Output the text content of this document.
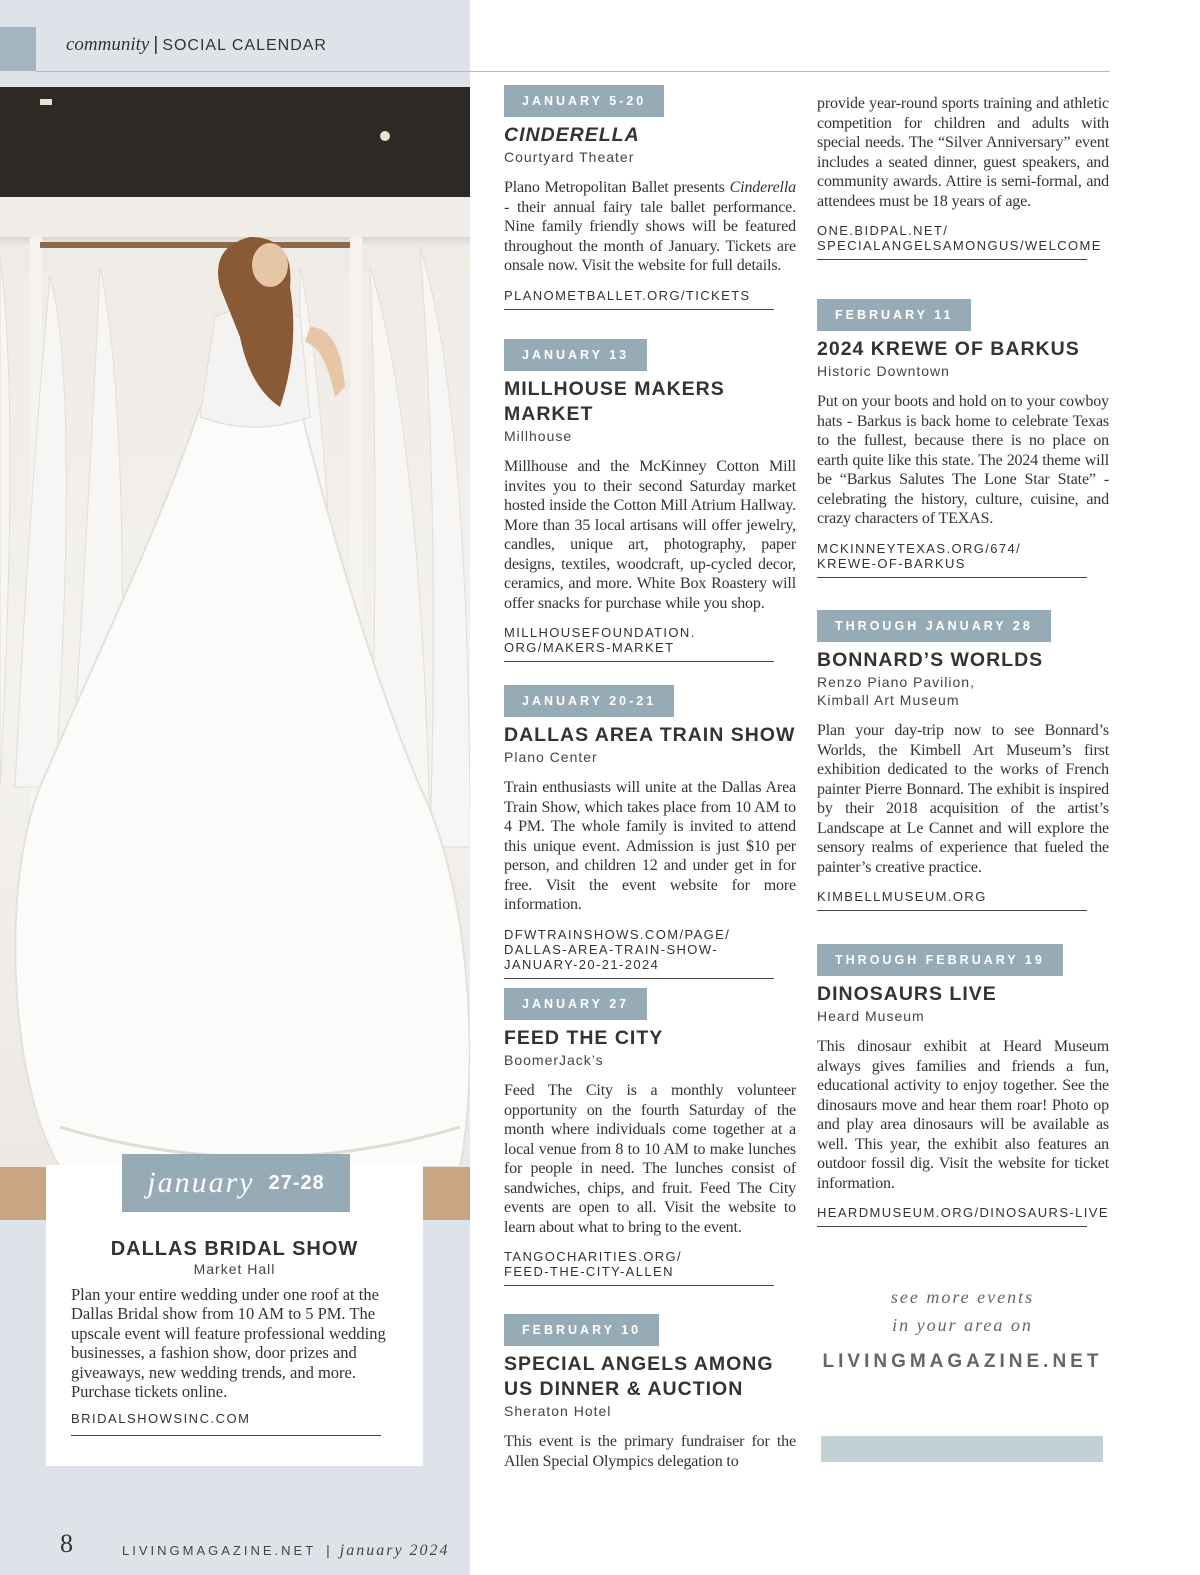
community | SOCIAL CALENDAR
january 27-28
DALLAS BRIDAL SHOW
Market Hall
Plan your entire wedding under one roof at the Dallas Bridal show from 10 AM to 5 PM. The upscale event will feature professional wedding businesses, a fashion show, door prizes and giveaways, new wedding trends, and more. Purchase tickets online.
BRIDALSHOWSINC.COM
8	LIVINGMAGAZINE.NET | january 2024
JANUARY 5-20
CINDERELLA
Courtyard Theater
Plano Metropolitan Ballet presents Cinderella - their annual fairy tale ballet performance. Nine family friendly shows will be featured throughout the month of January. Tickets are onsale now. Visit the website for full details.
PLANOMETBALLET.ORG/TICKETS
JANUARY 13
MILLHOUSE MAKERS MARKET
Millhouse
Millhouse and the McKinney Cotton Mill invites you to their second Saturday market hosted inside the Cotton Mill Atrium Hallway. More than 35 local artisans will offer jewelry, candles, unique art, photography, paper designs, textiles, woodcraft, up-cycled decor, ceramics, and more. White Box Roastery will offer snacks for purchase while you shop.
MILLHOUSEFOUNDATION.
ORG/MAKERS-MARKET
JANUARY 20-21
DALLAS AREA TRAIN SHOW
Plano Center
Train enthusiasts will unite at the Dallas Area Train Show, which takes place from 10 AM to 4 PM. The whole family is invited to attend this unique event. Admission is just $10 per person, and children 12 and under get in for free. Visit the event website for more information.
DFWTRAINSHOWS.COM/PAGE/
DALLAS-AREA-TRAIN-SHOW-
JANUARY-20-21-2024
JANUARY 27
FEED THE CITY
BoomerJack’s
Feed The City is a monthly volunteer opportunity on the fourth Saturday of the month where individuals come together at a local venue from 8 to 10 AM to make lunches for people in need. The lunches consist of sandwiches, chips, and fruit. Feed The City events are open to all. Visit the website to learn about what to bring to the event.
TANGOCHARITIES.ORG/
FEED-THE-CITY-ALLEN
FEBRUARY 10
SPECIAL ANGELS AMONG
US DINNER & AUCTION
Sheraton Hotel
This event is the primary fundraiser for the Allen Special Olympics delegation to
provide year-round sports training and athletic competition for children and adults with special needs. The “Silver Anniversary” event includes a seated dinner, guest speakers, and community awards. Attire is semi-formal, and attendees must be 18 years of age.
ONE.BIDPAL.NET/
SPECIALANGELSAMONGUS/WELCOME
FEBRUARY 11
2024 KREWE OF BARKUS
Historic Downtown
Put on your boots and hold on to your cowboy hats - Barkus is back home to celebrate Texas to the fullest, because there is no place on earth quite like this state. The 2024 theme will be “Barkus Salutes The Lone Star State” - celebrating the history, culture, cuisine, and crazy characters of TEXAS.
MCKINNEYTEXAS.ORG/674/
KREWE-OF-BARKUS
THROUGH JANUARY 28
BONNARD’S WORLDS
Renzo Piano Pavilion,
Kimball Art Museum
Plan your day-trip now to see Bonnard’s Worlds, the Kimbell Art Museum’s first exhibition dedicated to the works of French painter Pierre Bonnard. The exhibit is inspired by their 2018 acquisition of the artist’s Landscape at Le Cannet and will explore the sensory realms of experience that fueled the painter’s creative practice.
KIMBELLMUSEUM.ORG
THROUGH FEBRUARY 19
DINOSAURS LIVE
Heard Museum
This dinosaur exhibit at Heard Museum always gives families and friends a fun, educational activity to enjoy together. See the dinosaurs move and hear them roar! Photo op and play area dinosaurs will be available as well. This year, the exhibit also features an outdoor fossil dig. Visit the website for ticket information.
HEARDMUSEUM.ORG/DINOSAURS-LIVE
see more events
in your area on
LIVINGMAGAZINE.NET
